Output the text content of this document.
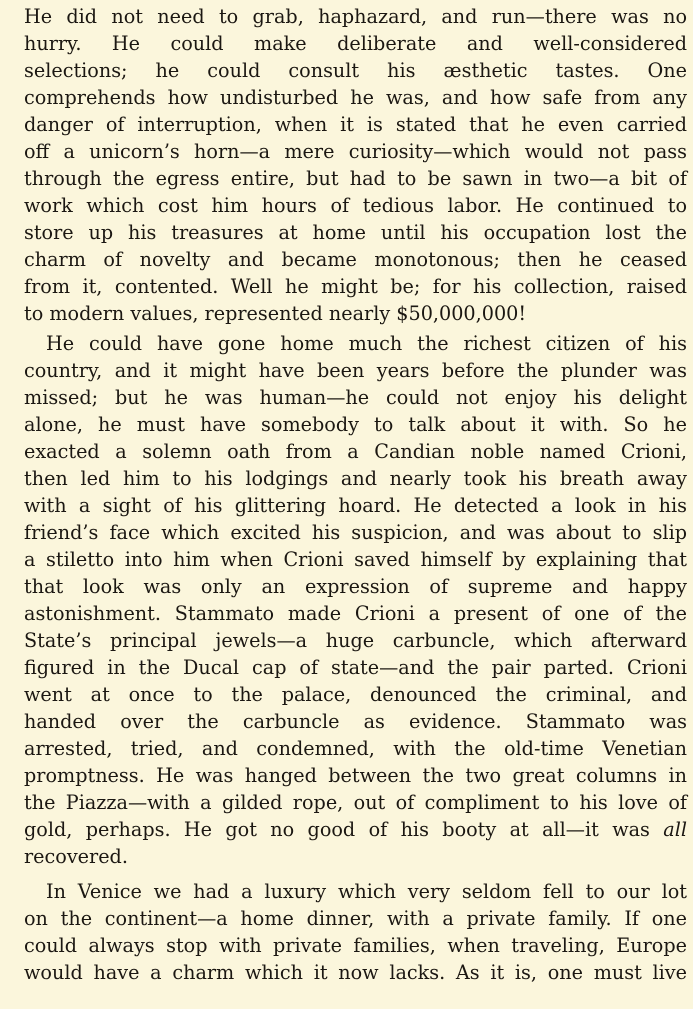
He did not need to grab, haphazard, and run—there was no
hurry. He could make deliberate and well-considered
selections; he could consult his æsthetic tastes. One
comprehends how undisturbed he was, and how safe from any
danger of interruption, when it is stated that he even carried
off a unicorn’s horn—a mere curiosity—which would not pass
through the egress entire, but had to be sawn in two—a bit of
work which cost him hours of tedious labor. He continued to
store up his treasures at home until his occupation lost the
charm of novelty and became monotonous; then he ceased
from it, contented. Well he might be; for his collection, raised
to modern values, represented nearly $50,000,000!
He could have gone home much the richest citizen of his
country, and it might have been years before the plunder was
missed; but he was human—he could not enjoy his delight
alone, he must have somebody to talk about it with. So he
exacted a solemn oath from a Candian noble named Crioni,
then led him to his lodgings and nearly took his breath away
with a sight of his glittering hoard. He detected a look in his
friend’s face which excited his suspicion, and was about to slip
a stiletto into him when Crioni saved himself by explaining that
that look was only an expression of supreme and happy
astonishment. Stammato made Crioni a present of one of the
State’s principal jewels—a huge carbuncle, which afterward
figured in the Ducal cap of state—and the pair parted. Crioni
went at once to the palace, denounced the criminal, and
handed over the carbuncle as evidence. Stammato was
arrested, tried, and condemned, with the old-time Venetian
promptness. He was hanged between the two great columns in
the Piazza—with a gilded rope, out of compliment to his love of
gold, perhaps. He got no good of his booty at all—it was all
recovered.
In Venice we had a luxury which very seldom fell to our lot
on the continent—a home dinner, with a private family. If one
could always stop with private families, when traveling, Europe
would have a charm which it now lacks. As it is, one must live
